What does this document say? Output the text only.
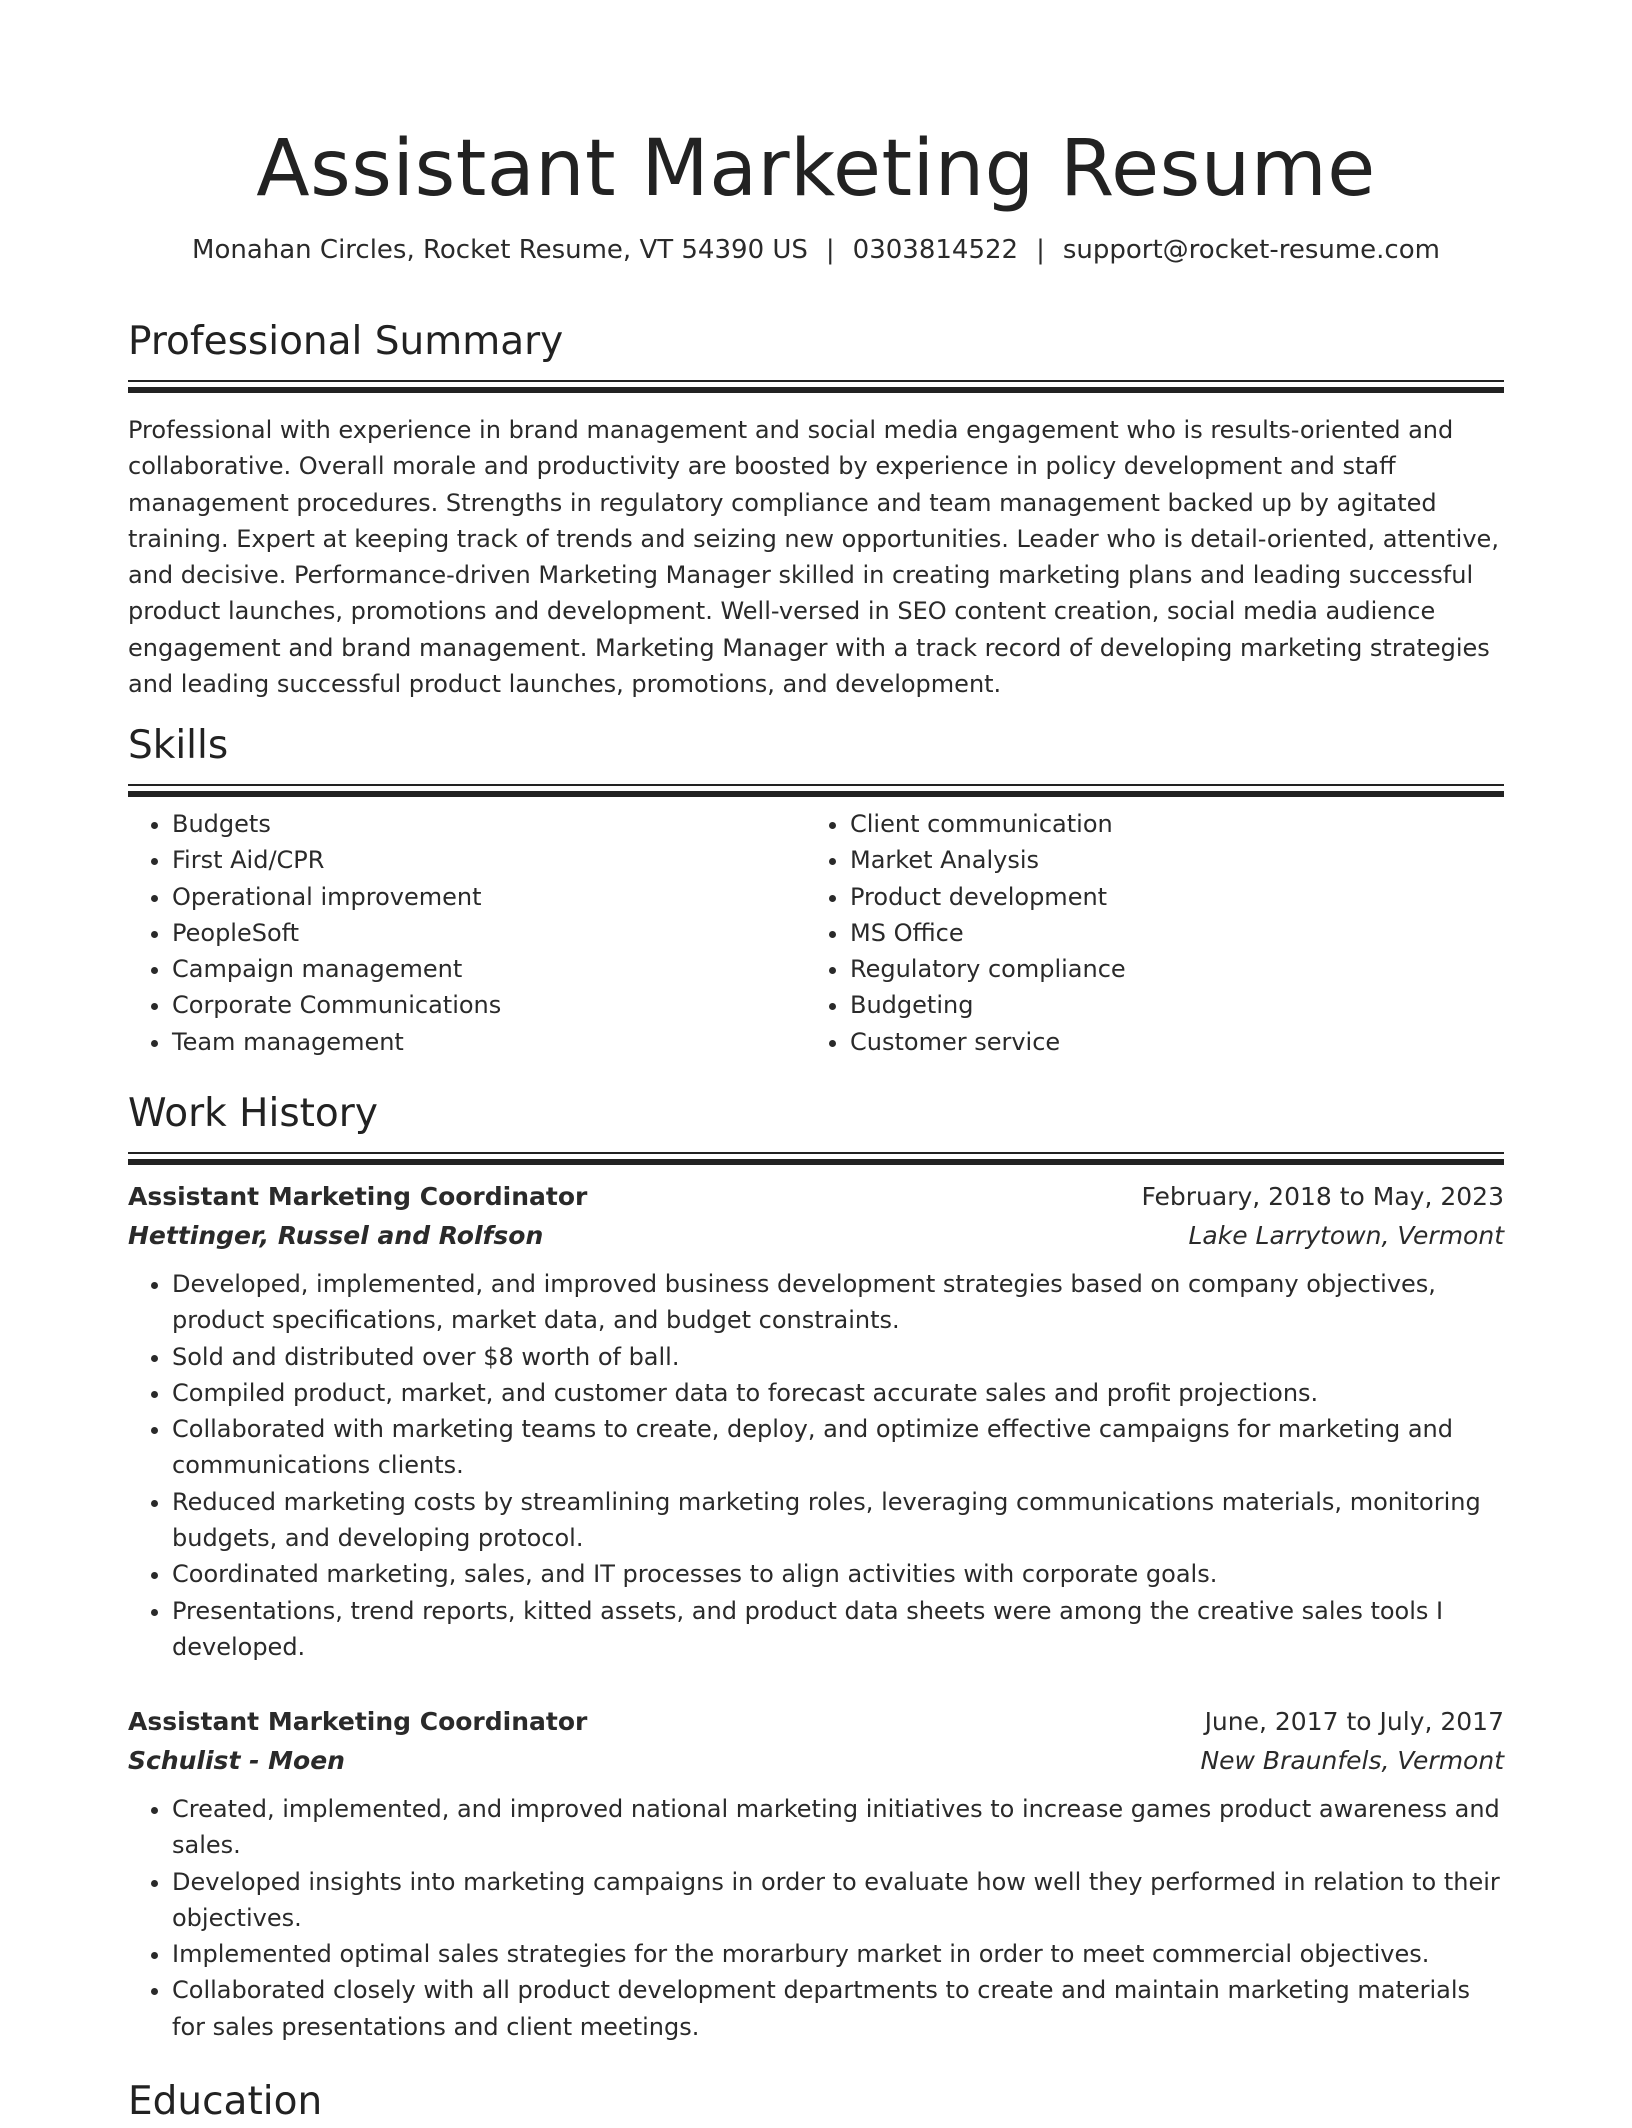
Assistant Marketing Resume
Monahan Circles, Rocket Resume, VT 54390 US | 0303814522 | support@rocket-resume.com
Professional Summary

Professional with experience in brand management and social media engagement who is results-oriented and collaborative. Overall morale and productivity are boosted by experience in policy development and staff management procedures. Strengths in regulatory compliance and team management backed up by agitated training. Expert at keeping track of trends and seizing new opportunities. Leader who is detail-oriented, attentive, and decisive. Performance-driven Marketing Manager skilled in creating marketing plans and leading successful product launches, promotions and development. Well-versed in SEO content creation, social media audience engagement and brand management. Marketing Manager with a track record of developing marketing strategies and leading successful product launches, promotions, and development.

Skills
• Budgets
• First Aid/CPR
• Operational improvement
• PeopleSoft
• Campaign management
• Corporate Communications
• Team management
• Client communication
• Market Analysis
• Product development
• MS Office
• Regulatory compliance
• Budgeting
• Customer service
Work History
Assistant Marketing Coordinator	February, 2018 to May, 2023
Hettinger, Russel and Rolfson	Lake Larrytown, Vermont
• Developed, implemented, and improved business development strategies based on company objectives, product specifications, market data, and budget constraints.
• Sold and distributed over $8 worth of ball.
• Compiled product, market, and customer data to forecast accurate sales and profit projections.
• Collaborated with marketing teams to create, deploy, and optimize effective campaigns for marketing and communications clients.
• Reduced marketing costs by streamlining marketing roles, leveraging communications materials, monitoring budgets, and developing protocol.
• Coordinated marketing, sales, and IT processes to align activities with corporate goals.
• Presentations, trend reports, kitted assets, and product data sheets were among the creative sales tools I developed.
Assistant Marketing Coordinator	June, 2017 to July, 2017
Schulist - Moen	New Braunfels, Vermont
• Created, implemented, and improved national marketing initiatives to increase games product awareness and sales.
• Developed insights into marketing campaigns in order to evaluate how well they performed in relation to their objectives.
• Implemented optimal sales strategies for the morarbury market in order to meet commercial objectives.
• Collaborated closely with all product development departments to create and maintain marketing materials for sales presentations and client meetings.
Education
